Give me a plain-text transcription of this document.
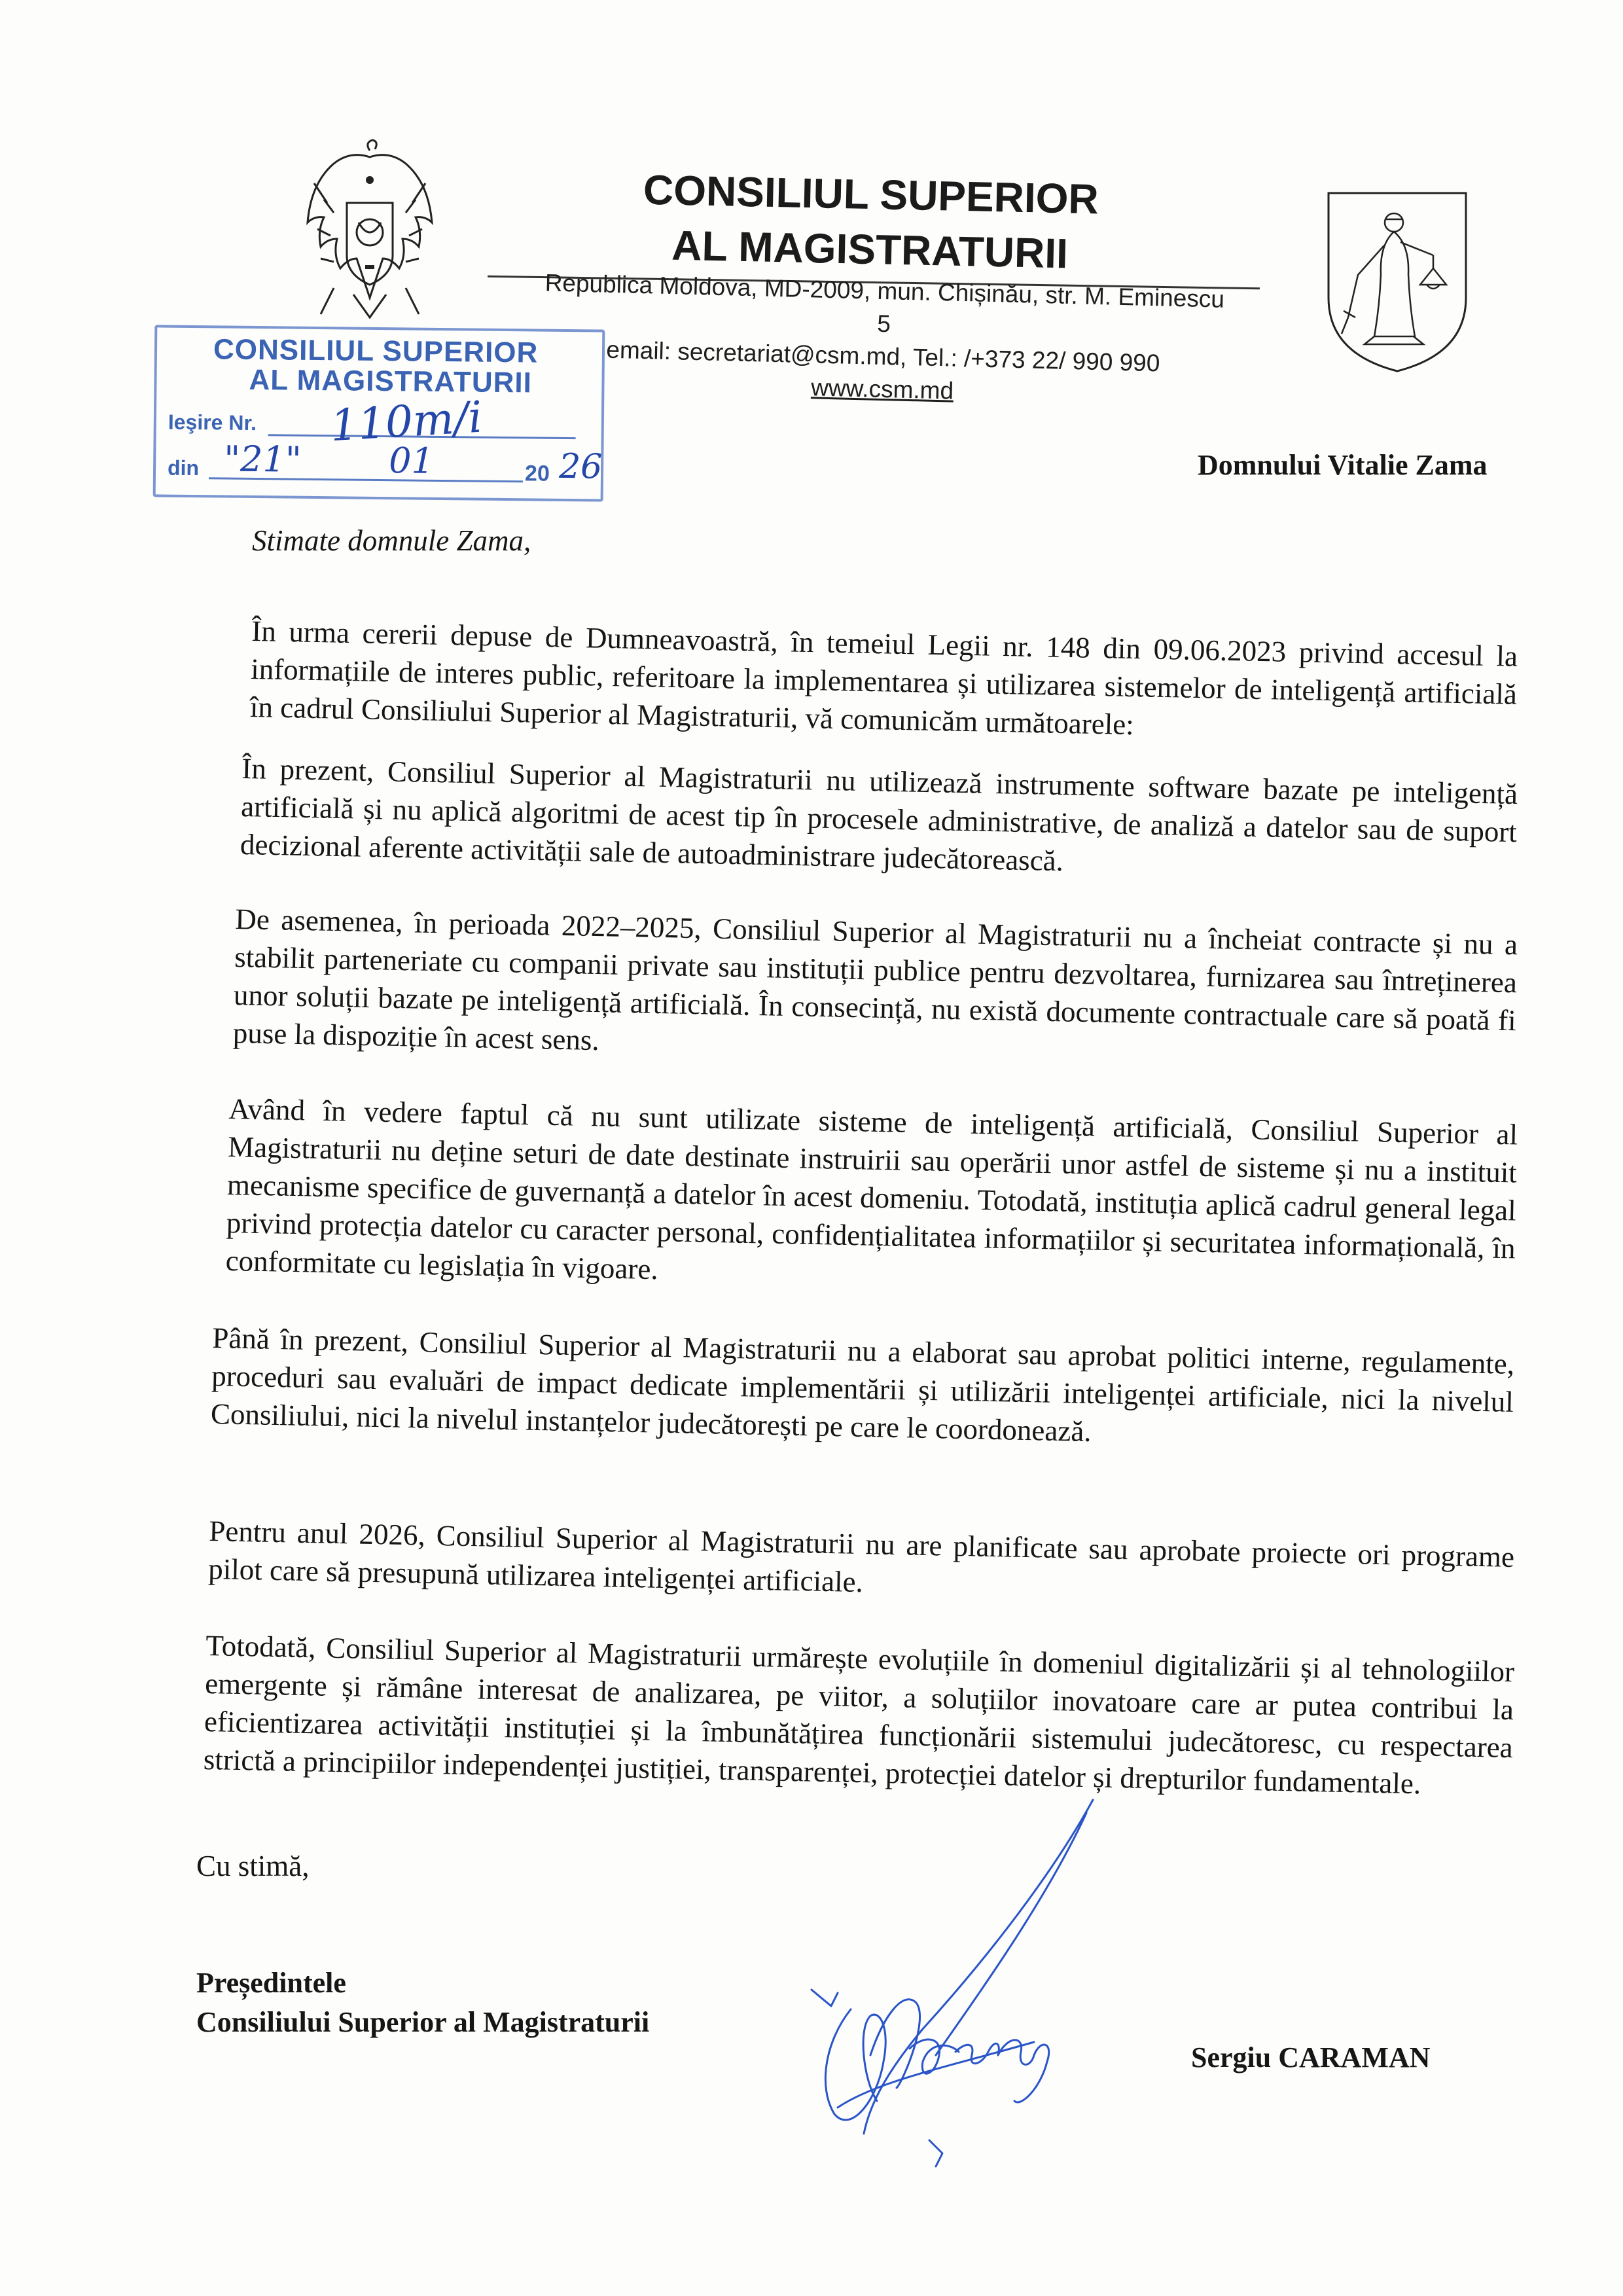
CONSILIUL SUPERIOR
AL MAGISTRATURII
Republica Moldova, MD-2009, mun. Chișinău, str. M. Eminescu 5
email: secretariat@csm.md, Tel.: /+373 22/ 990 990
www.csm.md
CONSILIUL SUPERIOR
AL MAGISTRATURII
Ieşire Nr. 110m/i
din "21" 01	20 26	Domnului Vitalie Zama
Stimate domnule Zama,
În urma cererii depuse de Dumneavoastră, în temeiul Legii nr. 148 din 09.06.2023 privind accesul la informațiile de interes public, referitoare la implementarea și utilizarea sistemelor de inteligență artificială în cadrul Consiliului Superior al Magistraturii, vă comunicăm următoarele:
În prezent, Consiliul Superior al Magistraturii nu utilizează instrumente software bazate pe inteligență artificială și nu aplică algoritmi de acest tip în procesele administrative, de analiză a datelor sau de suport decizional aferente activității sale de autoadministrare judecătorească.
De asemenea, în perioada 2022–2025, Consiliul Superior al Magistraturii nu a încheiat contracte și nu a stabilit parteneriate cu companii private sau instituții publice pentru dezvoltarea, furnizarea sau întreținerea unor soluții bazate pe inteligență artificială. În consecință, nu există documente contractuale care să poată fi puse la dispoziție în acest sens.
Având în vedere faptul că nu sunt utilizate sisteme de inteligență artificială, Consiliul Superior al Magistraturii nu deține seturi de date destinate instruirii sau operării unor astfel de sisteme și nu a instituit mecanisme specifice de guvernanță a datelor în acest domeniu. Totodată, instituția aplică cadrul general legal privind protecția datelor cu caracter personal, confidențialitatea informațiilor și securitatea informațională, în conformitate cu legislația în vigoare.
Până în prezent, Consiliul Superior al Magistraturii nu a elaborat sau aprobat politici interne, regulamente, proceduri sau evaluări de impact dedicate implementării și utilizării inteligenței artificiale, nici la nivelul Consiliului, nici la nivelul instanțelor judecătorești pe care le coordonează.
Pentru anul 2026, Consiliul Superior al Magistraturii nu are planificate sau aprobate proiecte ori programe pilot care să presupună utilizarea inteligenței artificiale.
Totodată, Consiliul Superior al Magistraturii urmărește evoluțiile în domeniul digitalizării și al tehnologiilor emergente și rămâne interesat de analizarea, pe viitor, a soluțiilor inovatoare care ar putea contribui la eficientizarea activității instituției și la îmbunătățirea funcționării sistemului judecătoresc, cu respectarea strictă a principiilor independenței justiției, transparenței, protecției datelor și drepturilor fundamentale.
Cu stimă,
Președintele
Consiliului Superior al Magistraturii
Sergiu CARAMAN
